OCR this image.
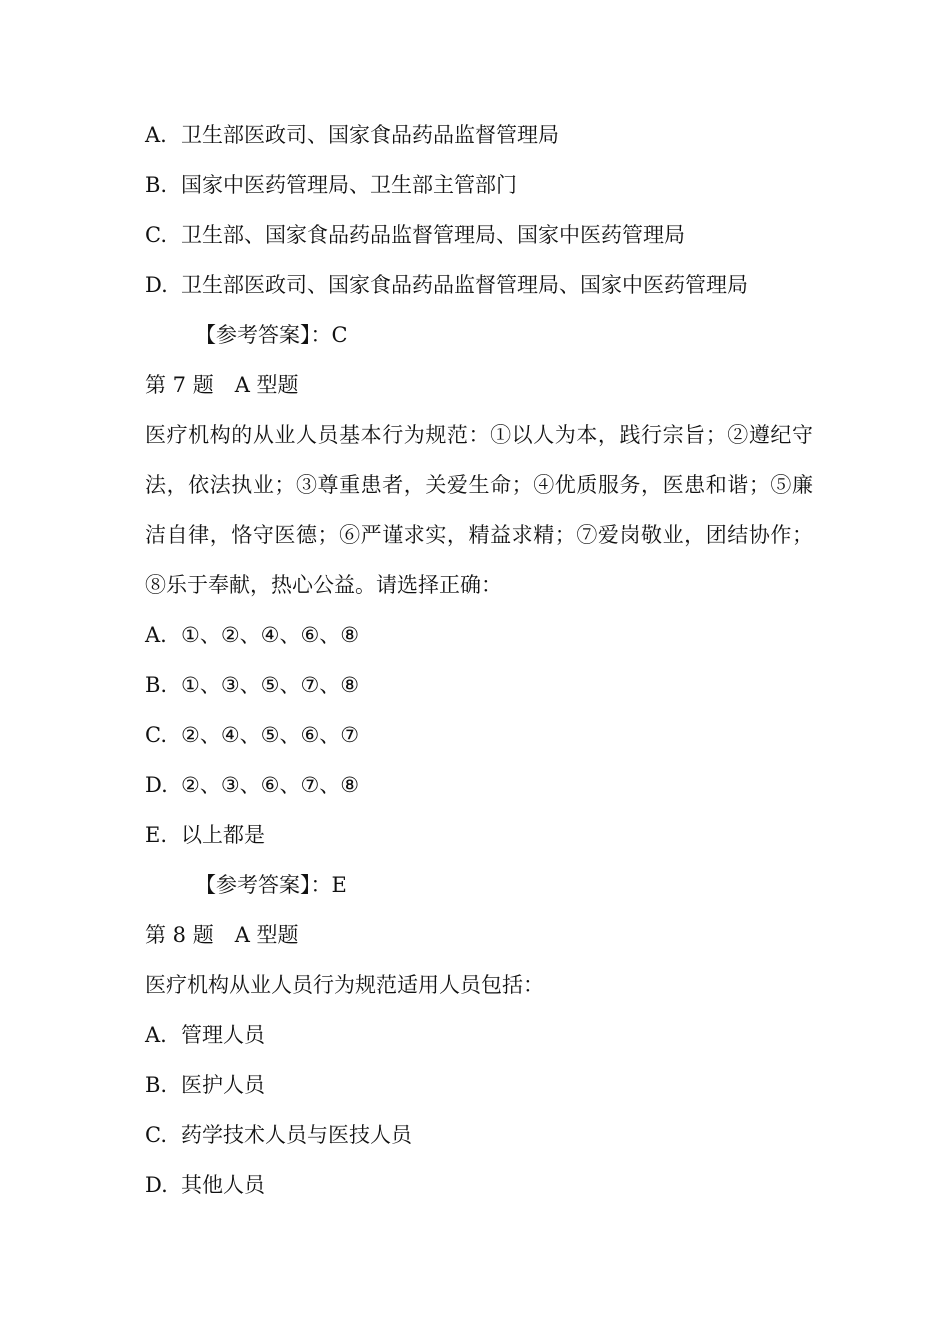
A. 卫生部医政司、国家食品药品监督管理局
B. 国家中医药管理局、卫生部主管部门
C. 卫生部、国家食品药品监督管理局、国家中医药管理局
D. 卫生部医政司、国家食品药品监督管理局、国家中医药管理局
【参考答案】：C
第 7 题　A 型题
医疗机构的从业人员基本行为规范：①以人为本，践行宗旨；②遵纪守法，依法执业；③尊重患者，关爱生命；④优质服务，医患和谐；⑤廉洁自律，恪守医德；⑥严谨求实，精益求精；⑦爱岗敬业，团结协作；⑧乐于奉献，热心公益。请选择正确：
A. ①、②、④、⑥、⑧
B. ①、③、⑤、⑦、⑧
C. ②、④、⑤、⑥、⑦
D. ②、③、⑥、⑦、⑧
E. 以上都是
【参考答案】：E
第 8 题　A 型题
医疗机构从业人员行为规范适用人员包括：
A. 管理人员
B. 医护人员
C. 药学技术人员与医技人员
D. 其他人员
